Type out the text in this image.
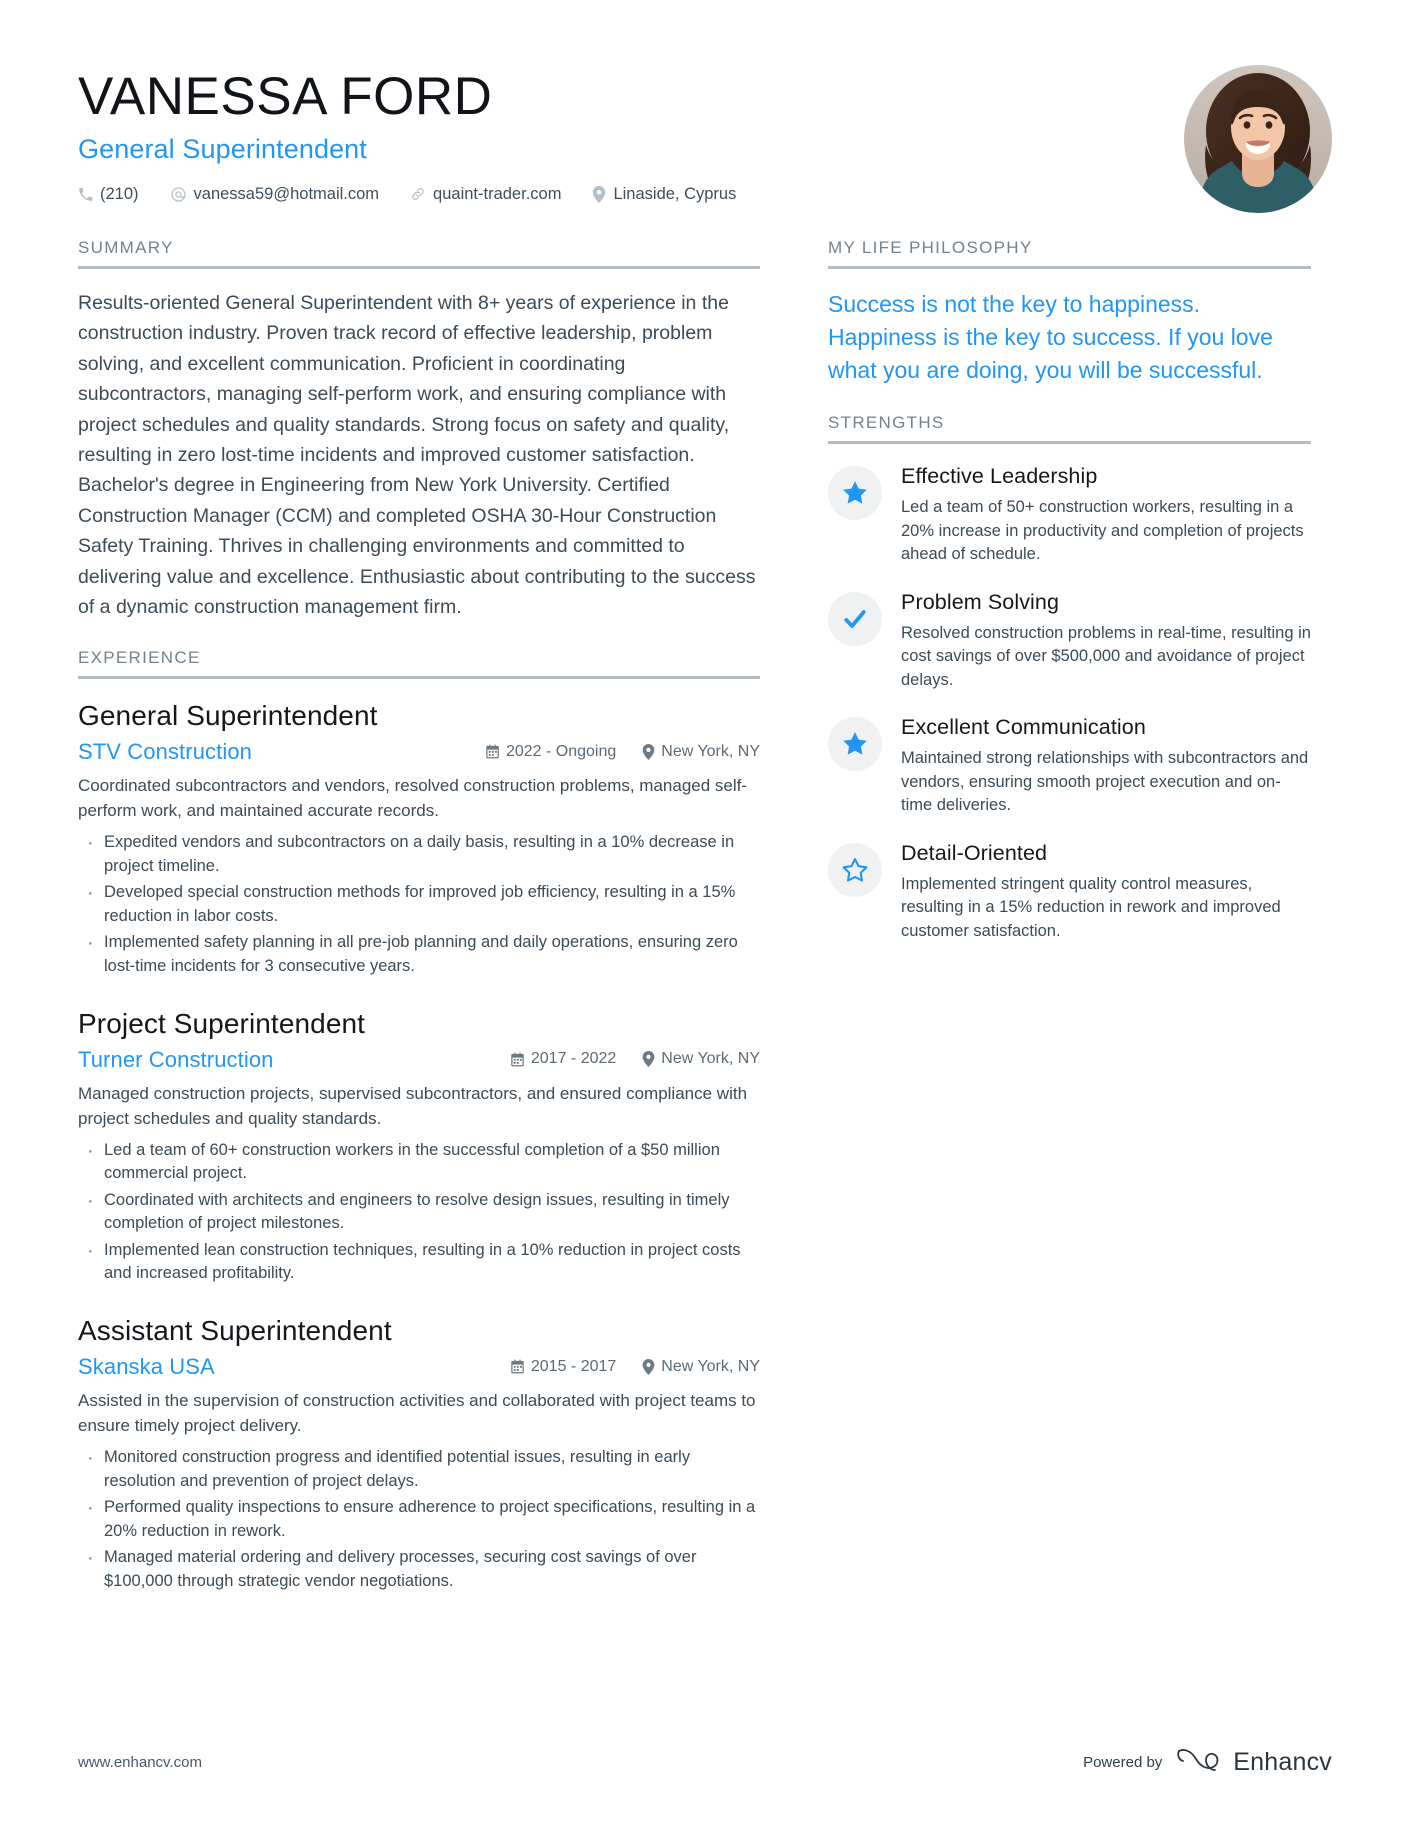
VANESSA FORD
General Superintendent
(210)	vanessa59@hotmail.com	quaint-trader.com	Linaside, Cyprus
SUMMARY
Results-oriented General Superintendent with 8+ years of experience in the construction industry. Proven track record of effective leadership, problem solving, and excellent communication. Proficient in coordinating subcontractors, managing self-perform work, and ensuring compliance with project schedules and quality standards. Strong focus on safety and quality, resulting in zero lost-time incidents and improved customer satisfaction. Bachelor's degree in Engineering from New York University. Certified Construction Manager (CCM) and completed OSHA 30-Hour Construction Safety Training. Thrives in challenging environments and committed to delivering value and excellence. Enthusiastic about contributing to the success of a dynamic construction management firm.
EXPERIENCE
General Superintendent
STV Construction	2022 - Ongoing	New York, NY
Coordinated subcontractors and vendors, resolved construction problems, managed self-perform work, and maintained accurate records.
· Expedited vendors and subcontractors on a daily basis, resulting in a 10% decrease in project timeline.
· Developed special construction methods for improved job efficiency, resulting in a 15% reduction in labor costs.
· Implemented safety planning in all pre-job planning and daily operations, ensuring zero lost-time incidents for 3 consecutive years.
Project Superintendent
Turner Construction	2017 - 2022	New York, NY
Managed construction projects, supervised subcontractors, and ensured compliance with project schedules and quality standards.
· Led a team of 60+ construction workers in the successful completion of a $50 million commercial project.
· Coordinated with architects and engineers to resolve design issues, resulting in timely completion of project milestones.
· Implemented lean construction techniques, resulting in a 10% reduction in project costs and increased profitability.
Assistant Superintendent
Skanska USA	2015 - 2017	New York, NY
Assisted in the supervision of construction activities and collaborated with project teams to ensure timely project delivery.
· Monitored construction progress and identified potential issues, resulting in early resolution and prevention of project delays.
· Performed quality inspections to ensure adherence to project specifications, resulting in a 20% reduction in rework.
· Managed material ordering and delivery processes, securing cost savings of over $100,000 through strategic vendor negotiations.
MY LIFE PHILOSOPHY
Success is not the key to happiness. Happiness is the key to success. If you love what you are doing, you will be successful.
STRENGTHS
Effective Leadership
Led a team of 50+ construction workers, resulting in a 20% increase in productivity and completion of projects ahead of schedule.
Problem Solving
Resolved construction problems in real-time, resulting in cost savings of over $500,000 and avoidance of project delays.
Excellent Communication
Maintained strong relationships with subcontractors and vendors, ensuring smooth project execution and on-time deliveries.
Detail-Oriented
Implemented stringent quality control measures, resulting in a 15% reduction in rework and improved customer satisfaction.
www.enhancv.com	Powered by	Enhancv
